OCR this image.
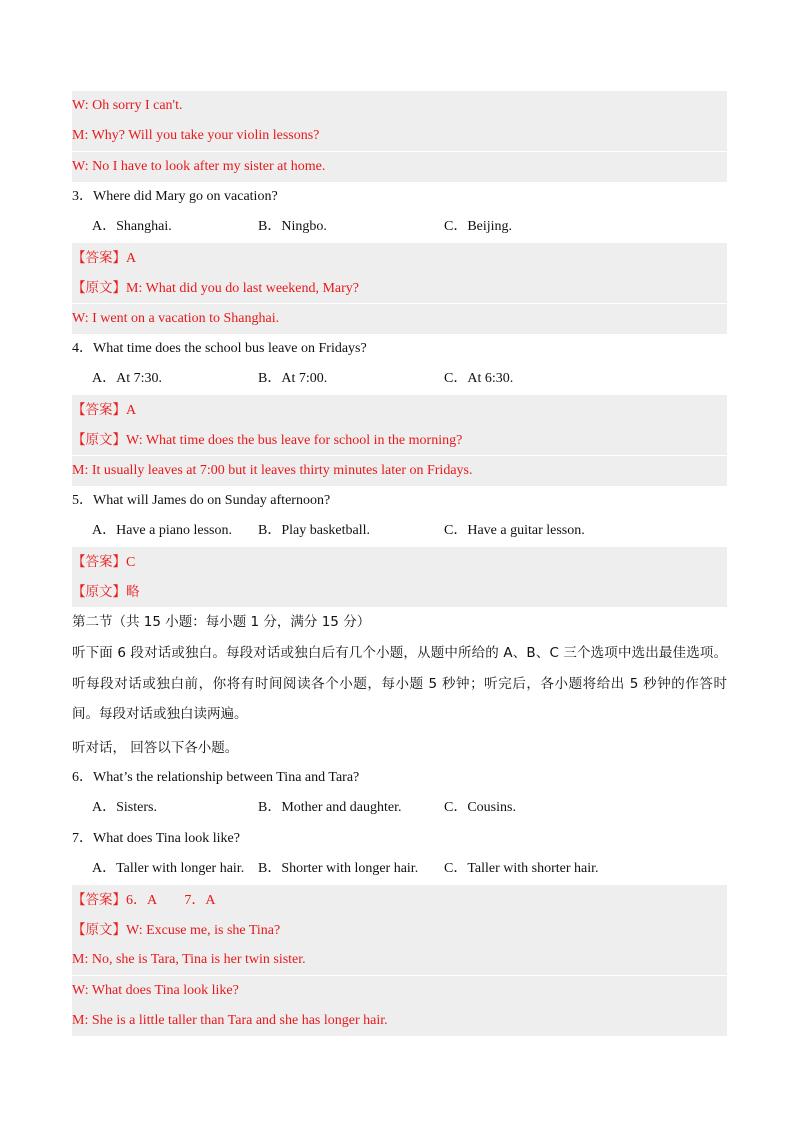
W: Oh sorry I can't.
M: Why? Will you take your violin lessons?
W: No I have to look after my sister at home.
3．Where did Mary go on vacation?
A．Shanghai.	B．Ningbo.	C．Beijing.
【答案】A
【原文】M: What did you do last weekend, Mary?
W: I went on a vacation to Shanghai.
4．What time does the school bus leave on Fridays?
A．At 7:30.	B．At 7:00.	C．At 6:30.
【答案】A
【原文】W: What time does the bus leave for school in the morning?
M: It usually leaves at 7:00 but it leaves thirty minutes later on Fridays.
5．What will James do on Sunday afternoon?
A．Have a piano lesson. B．Play basketball.	C．Have a guitar lesson.
【答案】C
【原文】略
第二节（共 15 小题：每小题 1 分，满分 15 分）
听下面 6 段对话或独白。每段对话或独白后有几个小题，从题中所给的 A、B、C 三个选项中选出最佳选项。听每段对话或独白前，你将有时间阅读各个小题，每小题 5 秒钟；听完后，各小题将给出 5 秒钟的作答时间。每段对话或独白读两遍。
听对话， 回答以下各小题。
6．What’s the relationship between Tina and Tara?
A．Sisters.	B．Mother and daughter.	C．Cousins.
7．What does Tina look like?
A．Taller with longer hair. B．Shorter with longer hair. C．Taller with shorter hair.
【答案】6．A　　7．A
【原文】W: Excuse me, is she Tina?
M: No, she is Tara, Tina is her twin sister.
W: What does Tina look like?
M: She is a little taller than Tara and she has longer hair.
